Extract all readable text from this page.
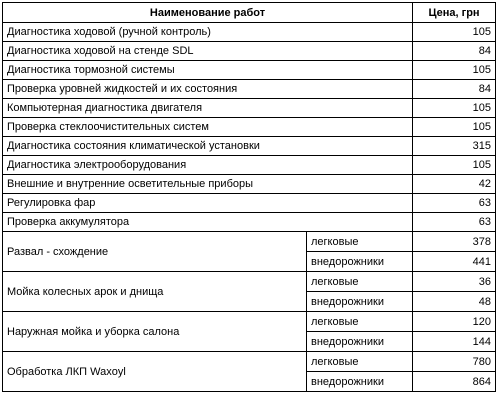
Наименование работ		Цена, грн
Диагностика ходовой (ручной контроль)		105
Диагностика ходовой на стенде SDL		84
Диагностика тормозной системы		105
Проверка уровней жидкостей и их состояния		84
Компьютерная диагностика двигателя		105
Проверка стеклоочистительных систем		105
Диагностика состояния климатической установки		315
Диагностика электрооборудования		105
Внешние и внутренние осветительные приборы		42
Регулировка фар		63
Проверка аккумулятора		63
Развал - схождение	легковые	378
	внедорожники	441
Мойка колесных арок и днища	легковые	36
	внедорожники	48
Наружная мойка и уборка салона	легковые	120
	внедорожники	144
Обработка ЛКП Waxoyl	легковые	780
	внедорожники	864
